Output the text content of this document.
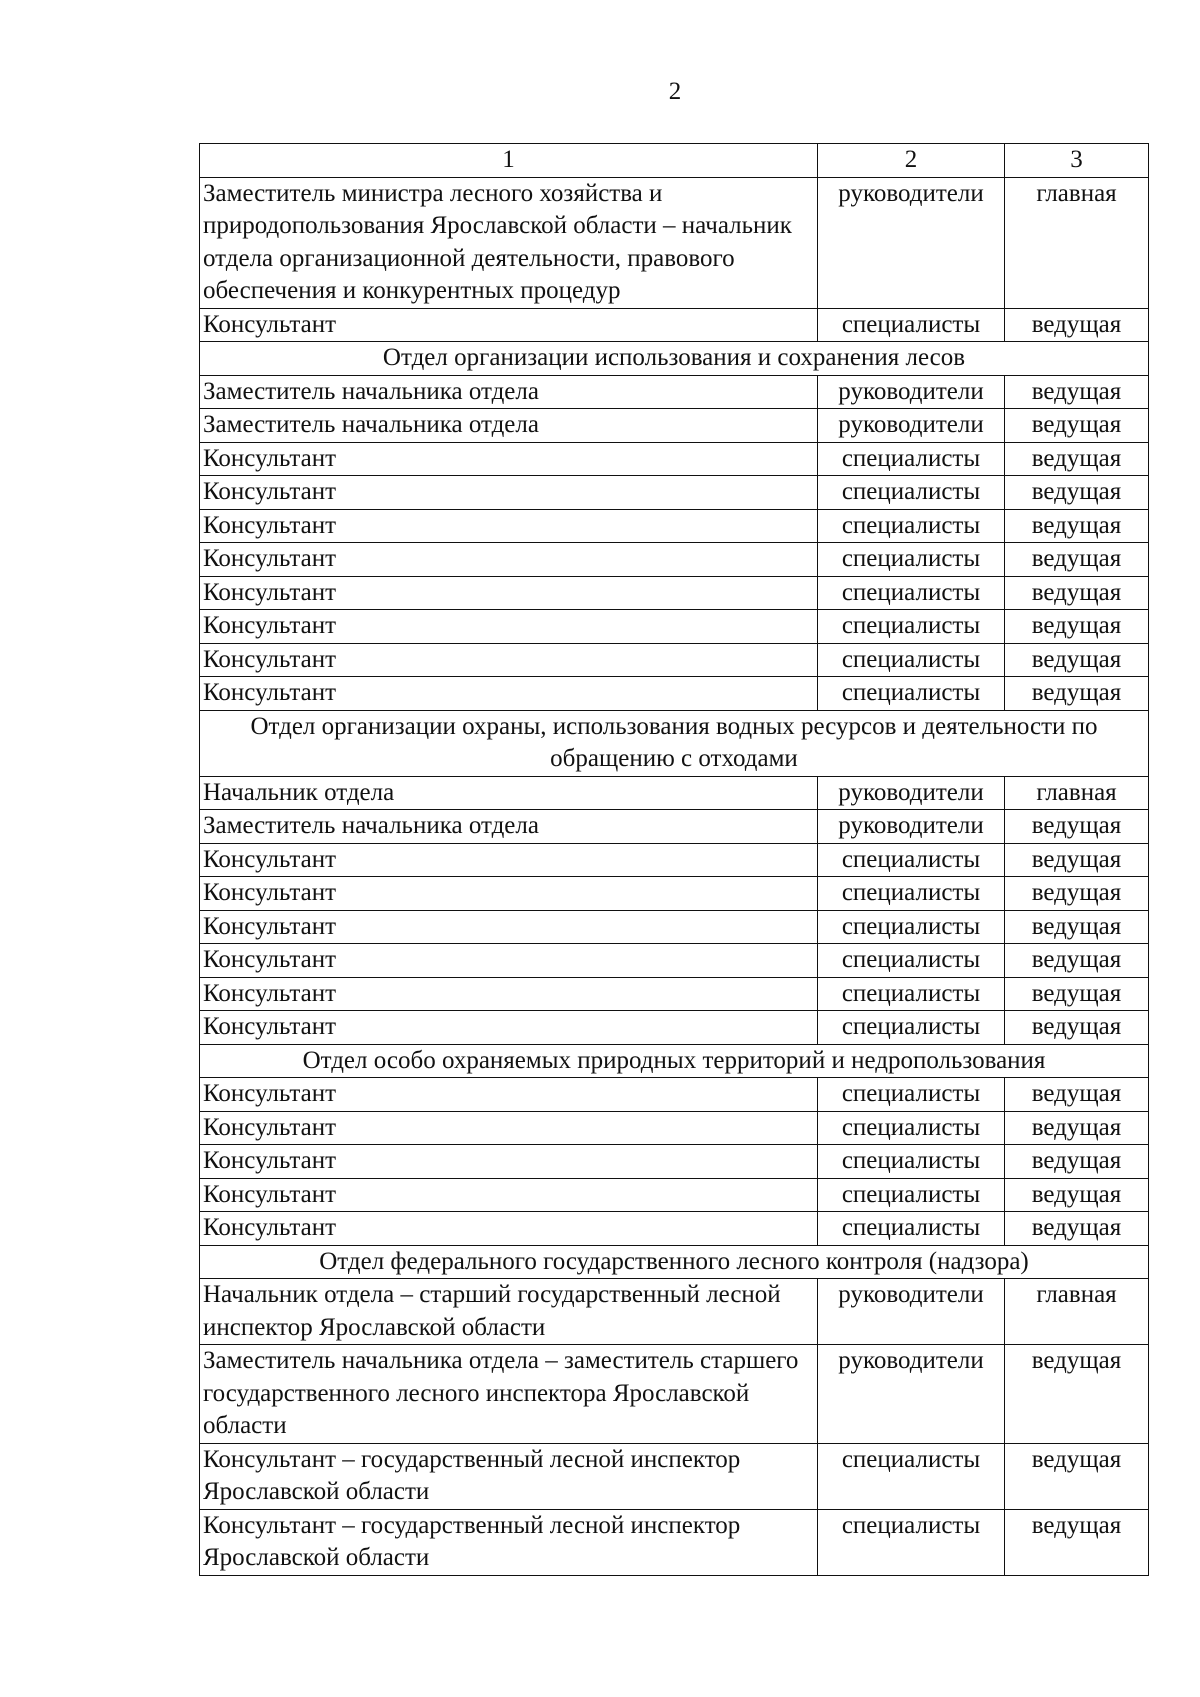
2
1	2	3
Заместитель министра лесного хозяйства и природопользования Ярославской области – начальник отдела организационной деятельности, правового обеспечения и конкурентных процедур	руководители	главная
Консультант	специалисты	ведущая
Отдел организации использования и сохранения лесов		
Заместитель начальника отдела	руководители	ведущая
Заместитель начальника отдела	руководители	ведущая
Консультант	специалисты	ведущая
Консультант	специалисты	ведущая
Консультант	специалисты	ведущая
Консультант	специалисты	ведущая
Консультант	специалисты	ведущая
Консультант	специалисты	ведущая
Консультант	специалисты	ведущая
Консультант	специалисты	ведущая
Отдел организации охраны, использования водных ресурсов и деятельности по обращению с отходами		
Начальник отдела	руководители	главная
Заместитель начальника отдела	руководители	ведущая
Консультант	специалисты	ведущая
Консультант	специалисты	ведущая
Консультант	специалисты	ведущая
Консультант	специалисты	ведущая
Консультант	специалисты	ведущая
Консультант	специалисты	ведущая
Отдел особо охраняемых природных территорий и недропользования		
Консультант	специалисты	ведущая
Консультант	специалисты	ведущая
Консультант	специалисты	ведущая
Консультант	специалисты	ведущая
Консультант	специалисты	ведущая
Отдел федерального государственного лесного контроля (надзора)		
Начальник отдела – старший государственный лесной инспектор Ярославской области	руководители	главная
Заместитель начальника отдела – заместитель старшего государственного лесного инспектора Ярославской области	руководители	ведущая
Консультант – государственный лесной инспектор Ярославской области	специалисты	ведущая
Консультант – государственный лесной инспектор Ярославской области	специалисты	ведущая
